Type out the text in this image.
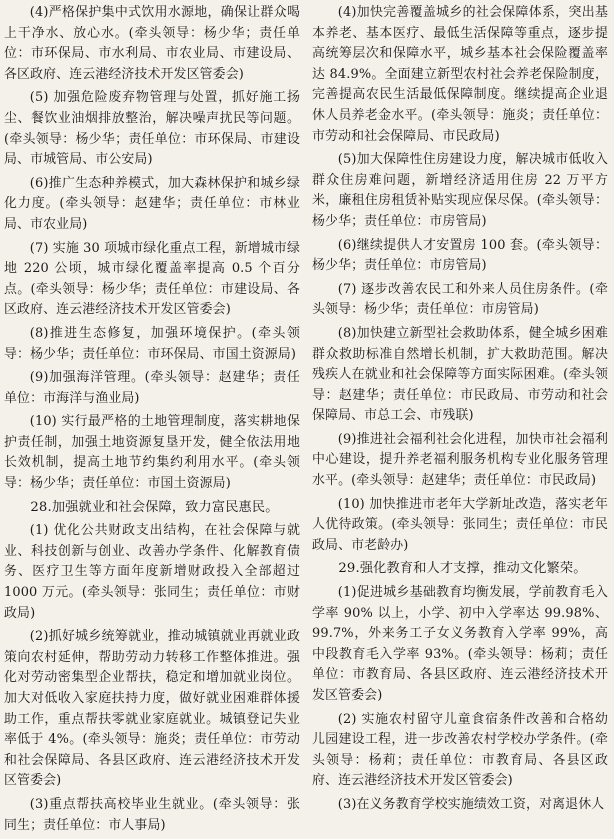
(4)严格保护集中式饮用水源地，确保让群众喝上干净水、放心水。(牵头领导：杨少华；责任单位：市环保局、市水利局、市农业局、市建设局、各区政府、连云港经济技术开发区管委会)

(5) 加强危险废弃物管理与处置，抓好施工扬尘、餐饮业油烟排放整治，解决噪声扰民等问题。(牵头领导：杨少华；责任单位：市环保局、市建设局、市城管局、市公安局)

(6)推广生态种养模式，加大森林保护和城乡绿化力度。(牵头领导：赵建华；责任单位：市林业局、市农业局)

(7) 实施 30 项城市绿化重点工程，新增城市绿地 220 公顷，城市绿化覆盖率提高 0.5 个百分点。(牵头领导：杨少华；责任单位：市建设局、各区政府、连云港经济技术开发区管委会)

(8)推进生态修复，加强环境保护。(牵头领导：杨少华；责任单位：市环保局、市国土资源局)

(9)加强海洋管理。(牵头领导：赵建华；责任单位：市海洋与渔业局)

(10) 实行最严格的土地管理制度，落实耕地保护责任制，加强土地资源复垦开发，健全依法用地长效机制，提高土地节约集约利用水平。(牵头领导：杨少华；责任单位：市国土资源局)

28.加强就业和社会保障，致力富民惠民。

(1) 优化公共财政支出结构，在社会保障与就业、科技创新与创业、改善办学条件、化解教育债务、医疗卫生等方面年度新增财政投入全部超过 1000 万元。(牵头领导：张同生；责任单位：市财政局)

(2)抓好城乡统筹就业，推动城镇就业再就业政策向农村延伸，帮助劳动力转移工作整体推进。强化对劳动密集型企业帮扶，稳定和增加就业岗位。加大对低收入家庭扶持力度，做好就业困难群体援助工作，重点帮扶零就业家庭就业。城镇登记失业率低于 4%。(牵头领导：施炎；责任单位：市劳动和社会保障局、各县区政府、连云港经济技术开发区管委会)

(3)重点帮扶高校毕业生就业。(牵头领导：张同生；责任单位：市人事局)

(4)加快完善覆盖城乡的社会保障体系，突出基本养老、基本医疗、最低生活保障等重点，逐步提高统筹层次和保障水平，城乡基本社会保险覆盖率达 84.9%。全面建立新型农村社会养老保险制度，完善提高农民生活最低保障制度。继续提高企业退休人员养老金水平。(牵头领导：施炎；责任单位：市劳动和社会保障局、市民政局)

(5)加大保障性住房建设力度，解决城市低收入群众住房难问题，新增经济适用住房 22 万平方米，廉租住房租赁补贴实现应保尽保。(牵头领导：杨少华；责任单位：市房管局)

(6)继续提供人才安置房 100 套。(牵头领导：杨少华；责任单位：市房管局)

(7) 逐步改善农民工和外来人员住房条件。(牵头领导：杨少华；责任单位：市房管局)

(8)加快建立新型社会救助体系，健全城乡困难群众救助标准自然增长机制，扩大救助范围。解决残疾人在就业和社会保障等方面实际困难。(牵头领导：赵建华；责任单位：市民政局、市劳动和社会保障局、市总工会、市残联)

(9)推进社会福利社会化进程，加快市社会福利中心建设，提升养老福利服务机构专业化服务管理水平。(牵头领导：赵建华；责任单位：市民政局)

(10) 加快推进市老年大学新址改造，落实老年人优待政策。(牵头领导：张同生；责任单位：市民政局、市老龄办)

29.强化教育和人才支撑，推动文化繁荣。

(1)促进城乡基础教育均衡发展，学前教育毛入学率 90% 以上，小学、初中入学率达 99.98%、99.7%，外来务工子女义务教育入学率 99%，高中段教育毛入学率 93%。(牵头领导：杨莉；责任单位：市教育局、各县区政府、连云港经济技术开发区管委会)

(2) 实施农村留守儿童食宿条件改善和合格幼儿园建设工程，进一步改善农村学校办学条件。(牵头领导：杨莉；责任单位：市教育局、各县区政府、连云港经济技术开发区管委会)

(3)在义务教育学校实施绩效工资，对离退休人
